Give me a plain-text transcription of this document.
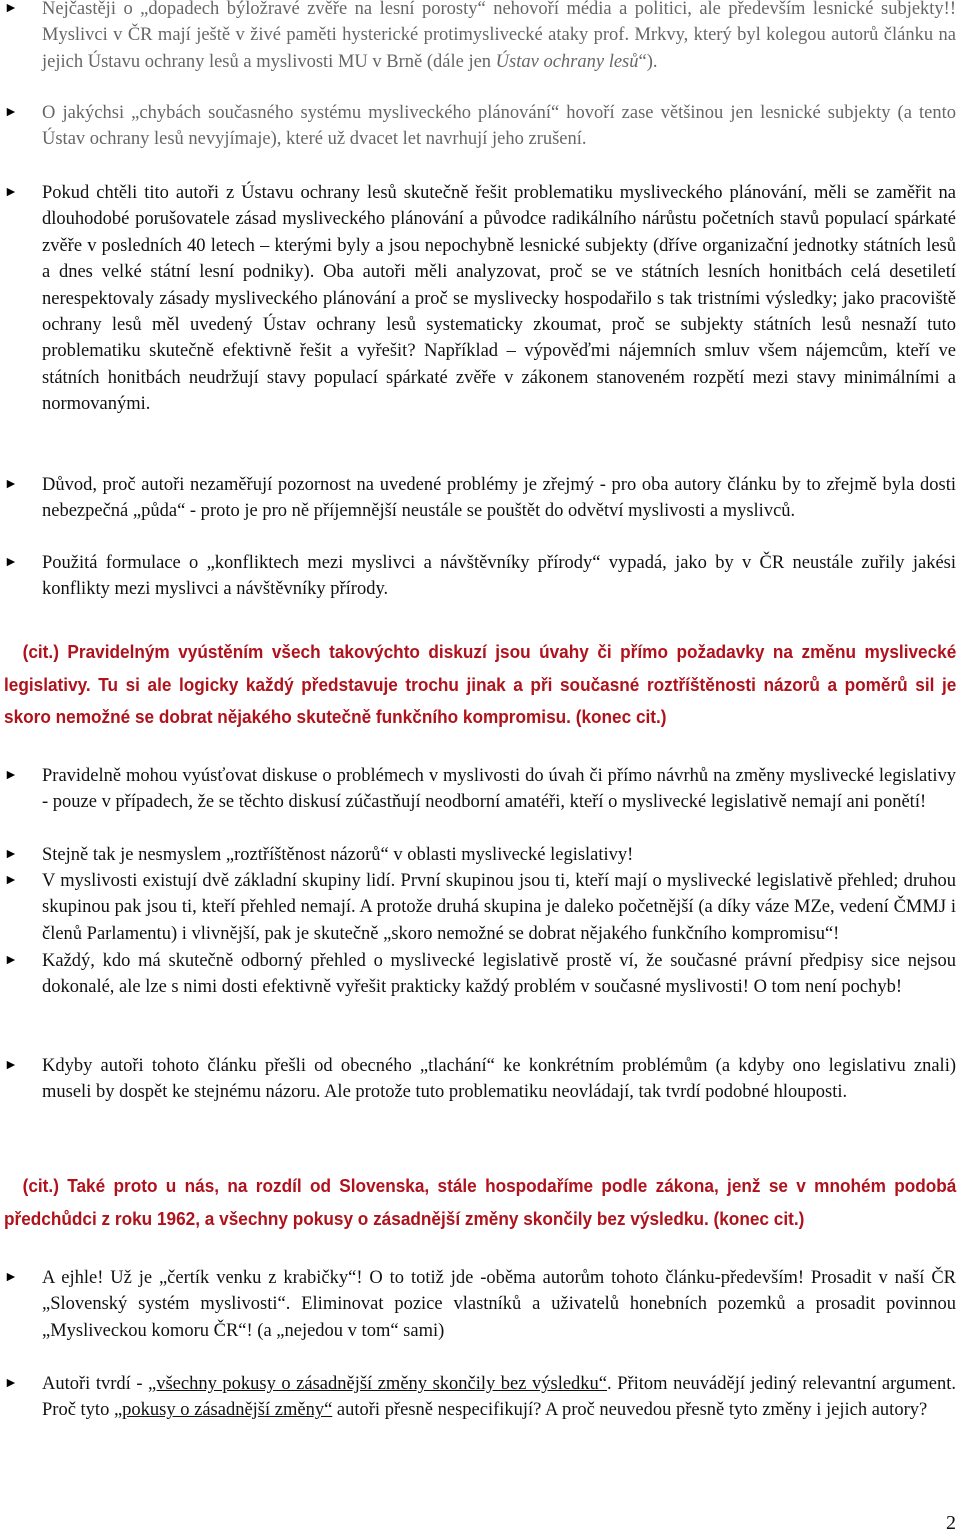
► Nejčastěji o „dopadech býložravé zvěře na lesní porosty“ nehovoří média a politici, ale především lesnické subjekty!! Myslivci v ČR mají ještě v živé paměti hysterické protimyslivecké ataky prof. Mrkvy, který byl kolegou autorů článku na jejich Ústavu ochrany lesů a myslivosti MU v Brně (dále jen Ústav ochrany lesů“).
► O jakýchsi „chybách současného systému mysliveckého plánování“ hovoří zase většinou jen lesnické subjekty (a tento Ústav ochrany lesů nevyjímaje), které už dvacet let navrhují jeho zrušení.
► Pokud chtěli tito autoři z Ústavu ochrany lesů skutečně řešit problematiku mysliveckého plánování, měli se zaměřit na dlouhodobé porušovatele zásad mysliveckého plánování a původce radikálního nárůstu početních stavů populací spárkaté zvěře v posledních 40 letech – kterými byly a jsou nepochybně lesnické subjekty (dříve organizační jednotky státních lesů a dnes velké státní lesní podniky). Oba autoři měli analyzovat, proč se ve státních lesních honitbách celá desetiletí nerespektovaly zásady mysliveckého plánování a proč se myslivecky hospodařilo s tak tristními výsledky; jako pracoviště ochrany lesů měl uvedený Ústav ochrany lesů systematicky zkoumat, proč se subjekty státních lesů nesnaží tuto problematiku skutečně efektivně řešit a vyřešit? Například – výpověďmi nájemních smluv všem nájemcům, kteří ve státních honitbách neudržují stavy populací spárkaté zvěře v zákonem stanoveném rozpětí mezi stavy minimálními a normovanými.
► Důvod, proč autoři nezaměřují pozornost na uvedené problémy je zřejmý - pro oba autory článku by to zřejmě byla dosti nebezpečná „půda“ - proto je pro ně příjemnější neustále se pouštět do odvětví myslivosti a myslivců.
► Použitá formulace o „konfliktech mezi myslivci a návštěvníky přírody“ vypadá, jako by v ČR neustále zuřily jakési konflikty mezi myslivci a návštěvníky přírody.
(cit.) Pravidelným vyústěním všech takovýchto diskuzí jsou úvahy či přímo požadavky na změnu myslivecké legislativy. Tu si ale logicky každý představuje trochu jinak a při současné roztříštěnosti názorů a poměrů sil je skoro nemožné se dobrat nějakého skutečně funkčního kompromisu. (konec cit.)
► Pravidelně mohou vyúsťovat diskuse o problémech v myslivosti do úvah či přímo návrhů na změny myslivecké legislativy - pouze v případech, že se těchto diskusí zúčastňují neodborní amatéři, kteří o myslivecké legislativě nemají ani ponětí!
► Stejně tak je nesmyslem „roztříštěnost názorů“ v oblasti myslivecké legislativy!
► V myslivosti existují dvě základní skupiny lidí. První skupinou jsou ti, kteří mají o myslivecké legislativě přehled; druhou skupinou pak jsou ti, kteří přehled nemají. A protože druhá skupina je daleko početnější (a díky váze MZe, vedení ČMMJ i členů Parlamentu) i vlivnější, pak je skutečně „skoro nemožné se dobrat nějakého funkčního kompromisu“!
► Každý, kdo má skutečně odborný přehled o myslivecké legislativě prostě ví, že současné právní předpisy sice nejsou dokonalé, ale lze s nimi dosti efektivně vyřešit prakticky každý problém v současné myslivosti! O tom není pochyb!
► Kdyby autoři tohoto článku přešli od obecného „tlachání“ ke konkrétním problémům (a kdyby ono legislativu znali) museli by dospět ke stejnému názoru. Ale protože tuto problematiku neovládají, tak tvrdí podobné hlouposti.
(cit.) Také proto u nás, na rozdíl od Slovenska, stále hospodaříme podle zákona, jenž se v mnohém podobá předchůdci z roku 1962, a všechny pokusy o zásadnější změny skončily bez výsledku. (konec cit.)
► A ejhle! Už je „čertík venku z krabičky“! O to totiž jde -oběma autorům tohoto článku-především! Prosadit v naší ČR „Slovenský systém myslivosti“. Eliminovat pozice vlastníků a uživatelů honebních pozemků a prosadit povinnou „Mysliveckou komoru ČR“! (a „nejedou v tom“ sami)
► Autoři tvrdí - „všechny pokusy o zásadnější změny skončily bez výsledku“. Přitom neuvádějí jediný relevantní argument. Proč tyto „pokusy o zásadnější změny“ autoři přesně nespecifikují? A proč neuvedou přesně tyto změny i jejich autory?
2
